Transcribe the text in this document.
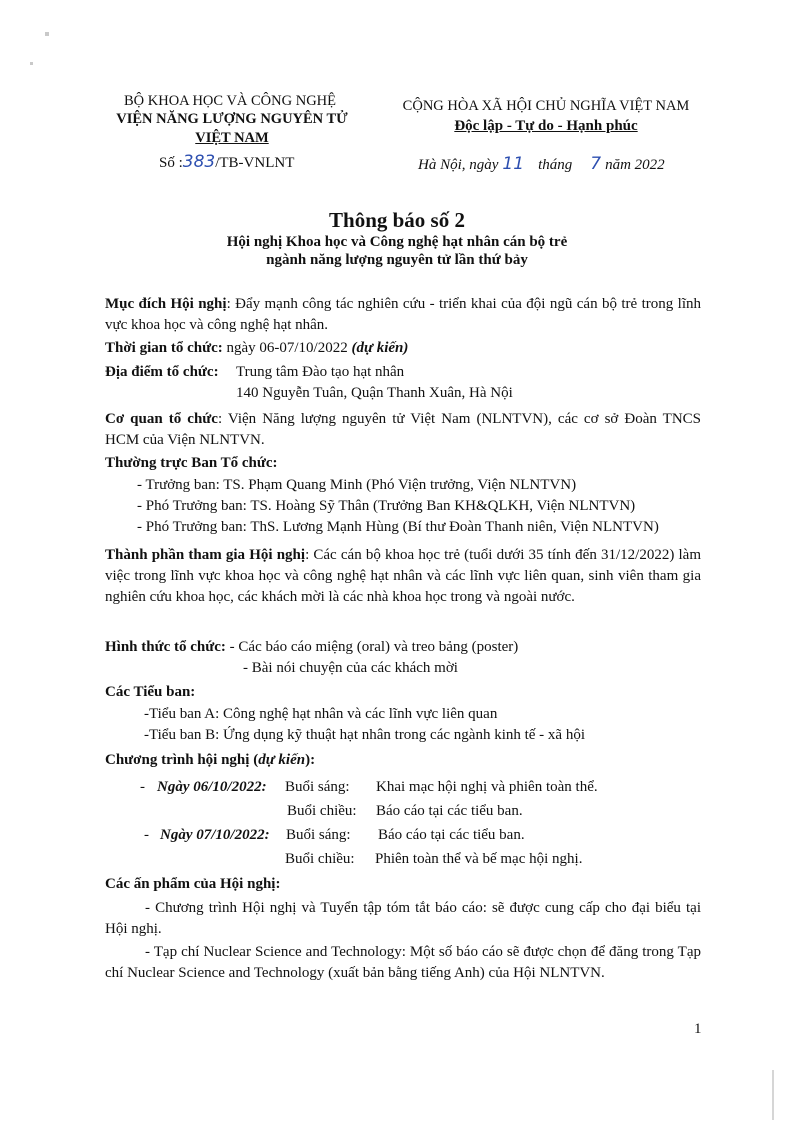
BỘ KHOA HỌC VÀ CÔNG NGHỆ
VIỆN NĂNG LƯỢNG NGUYÊN TỬ
VIỆT NAM
Số :383/TB-VNLNT
CỘNG HÒA XÃ HỘI CHỦ NGHĨA VIỆT NAM
Độc lập - Tự do - Hạnh phúc
Hà Nội, ngày 11 tháng 7 năm 2022
Thông báo số 2
Hội nghị Khoa học và Công nghệ hạt nhân cán bộ trẻ
ngành năng lượng nguyên tử lần thứ bảy
Mục đích Hội nghị: Đẩy mạnh công tác nghiên cứu - triển khai của đội ngũ cán bộ trẻ trong lĩnh vực khoa học và công nghệ hạt nhân.
Thời gian tổ chức: ngày 06-07/10/2022 (dự kiến)
Địa điểm tổ chức: Trung tâm Đào tạo hạt nhân
140 Nguyễn Tuân, Quận Thanh Xuân, Hà Nội
Cơ quan tổ chức: Viện Năng lượng nguyên tử Việt Nam (NLNTVN), các cơ sở Đoàn TNCS HCM của Viện NLNTVN.
Thường trực Ban Tổ chức:
- Trưởng ban: TS. Phạm Quang Minh (Phó Viện trưởng, Viện NLNTVN)
- Phó Trưởng ban: TS. Hoàng Sỹ Thân (Trưởng Ban KH&QLKH, Viện NLNTVN)
- Phó Trưởng ban: ThS. Lương Mạnh Hùng (Bí thư Đoàn Thanh niên, Viện NLNTVN)
Thành phần tham gia Hội nghị: Các cán bộ khoa học trẻ (tuổi dưới 35 tính đến 31/12/2022) làm việc trong lĩnh vực khoa học và công nghệ hạt nhân và các lĩnh vực liên quan, sinh viên tham gia nghiên cứu khoa học, các khách mời là các nhà khoa học trong và ngoài nước.
Hình thức tổ chức: - Các báo cáo miệng (oral) và treo bảng (poster)
- Bài nói chuyện của các khách mời
Các Tiểu ban:
-Tiểu ban A: Công nghệ hạt nhân và các lĩnh vực liên quan
-Tiểu ban B: Ứng dụng kỹ thuật hạt nhân trong các ngành kinh tế - xã hội
Chương trình hội nghị (dự kiến):
- Ngày 06/10/2022: Buổi sáng: Khai mạc hội nghị và phiên toàn thể.
Buổi chiều: Báo cáo tại các tiểu ban.
- Ngày 07/10/2022: Buổi sáng: Báo cáo tại các tiểu ban.
Buổi chiều: Phiên toàn thể và bế mạc hội nghị.
Các ấn phẩm của Hội nghị:
- Chương trình Hội nghị và Tuyển tập tóm tắt báo cáo: sẽ được cung cấp cho đại biểu tại Hội nghị.
- Tạp chí Nuclear Science and Technology: Một số báo cáo sẽ được chọn để đăng trong Tạp chí Nuclear Science and Technology (xuất bản bằng tiếng Anh) của Hội NLNTVN.
1
